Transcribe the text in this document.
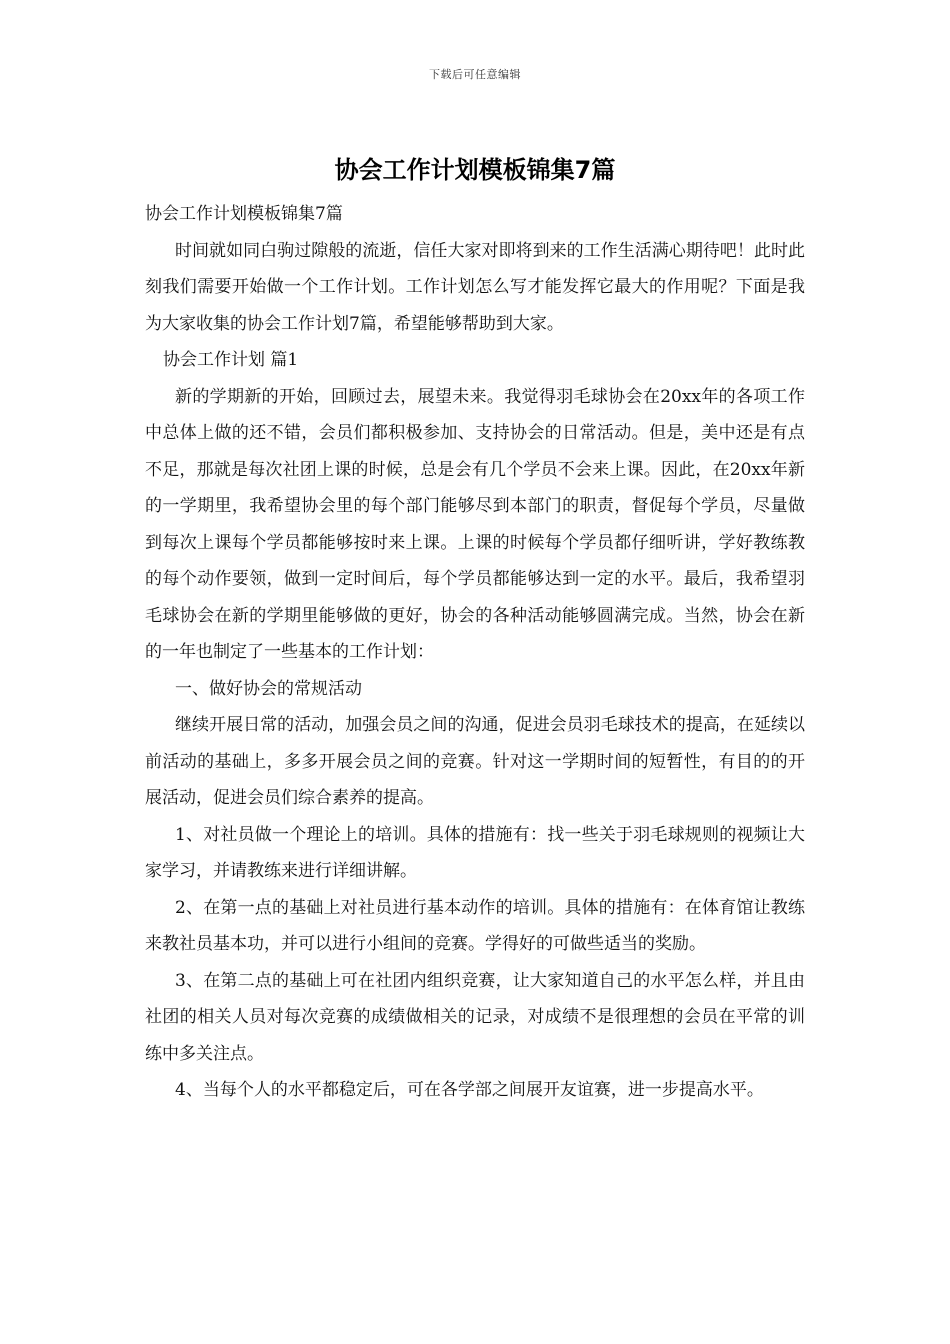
下载后可任意编辑
协会工作计划模板锦集7篇

协会工作计划模板锦集7篇

时间就如同白驹过隙般的流逝，信任大家对即将到来的工作生活满心期待吧！此时此刻我们需要开始做一个工作计划。工作计划怎么写才能发挥它最大的作用呢？下面是我为大家收集的协会工作计划7篇，希望能够帮助到大家。

协会工作计划 篇1

新的学期新的开始，回顾过去，展望未来。我觉得羽毛球协会在20xx年的各项工作中总体上做的还不错，会员们都积极参加、支持协会的日常活动。但是，美中还是有点不足，那就是每次社团上课的时候，总是会有几个学员不会来上课。因此，在20xx年新的一学期里，我希望协会里的每个部门能够尽到本部门的职责，督促每个学员，尽量做到每次上课每个学员都能够按时来上课。上课的时候每个学员都仔细听讲，学好教练教的每个动作要领，做到一定时间后，每个学员都能够达到一定的水平。最后，我希望羽毛球协会在新的学期里能够做的更好，协会的各种活动能够圆满完成。当然，协会在新的一年也制定了一些基本的工作计划：

一、做好协会的常规活动

继续开展日常的活动，加强会员之间的沟通，促进会员羽毛球技术的提高，在延续以前活动的基础上，多多开展会员之间的竞赛。针对这一学期时间的短暂性，有目的的开展活动，促进会员们综合素养的提高。

1、对社员做一个理论上的培训。具体的措施有：找一些关于羽毛球规则的视频让大家学习，并请教练来进行详细讲解。

2、在第一点的基础上对社员进行基本动作的培训。具体的措施有：在体育馆让教练来教社员基本功，并可以进行小组间的竞赛。学得好的可做些适当的奖励。

3、在第二点的基础上可在社团内组织竞赛，让大家知道自己的水平怎么样，并且由社团的相关人员对每次竞赛的成绩做相关的记录，对成绩不是很理想的会员在平常的训练中多关注点。

4、当每个人的水平都稳定后，可在各学部之间展开友谊赛，进一步提高水平。
